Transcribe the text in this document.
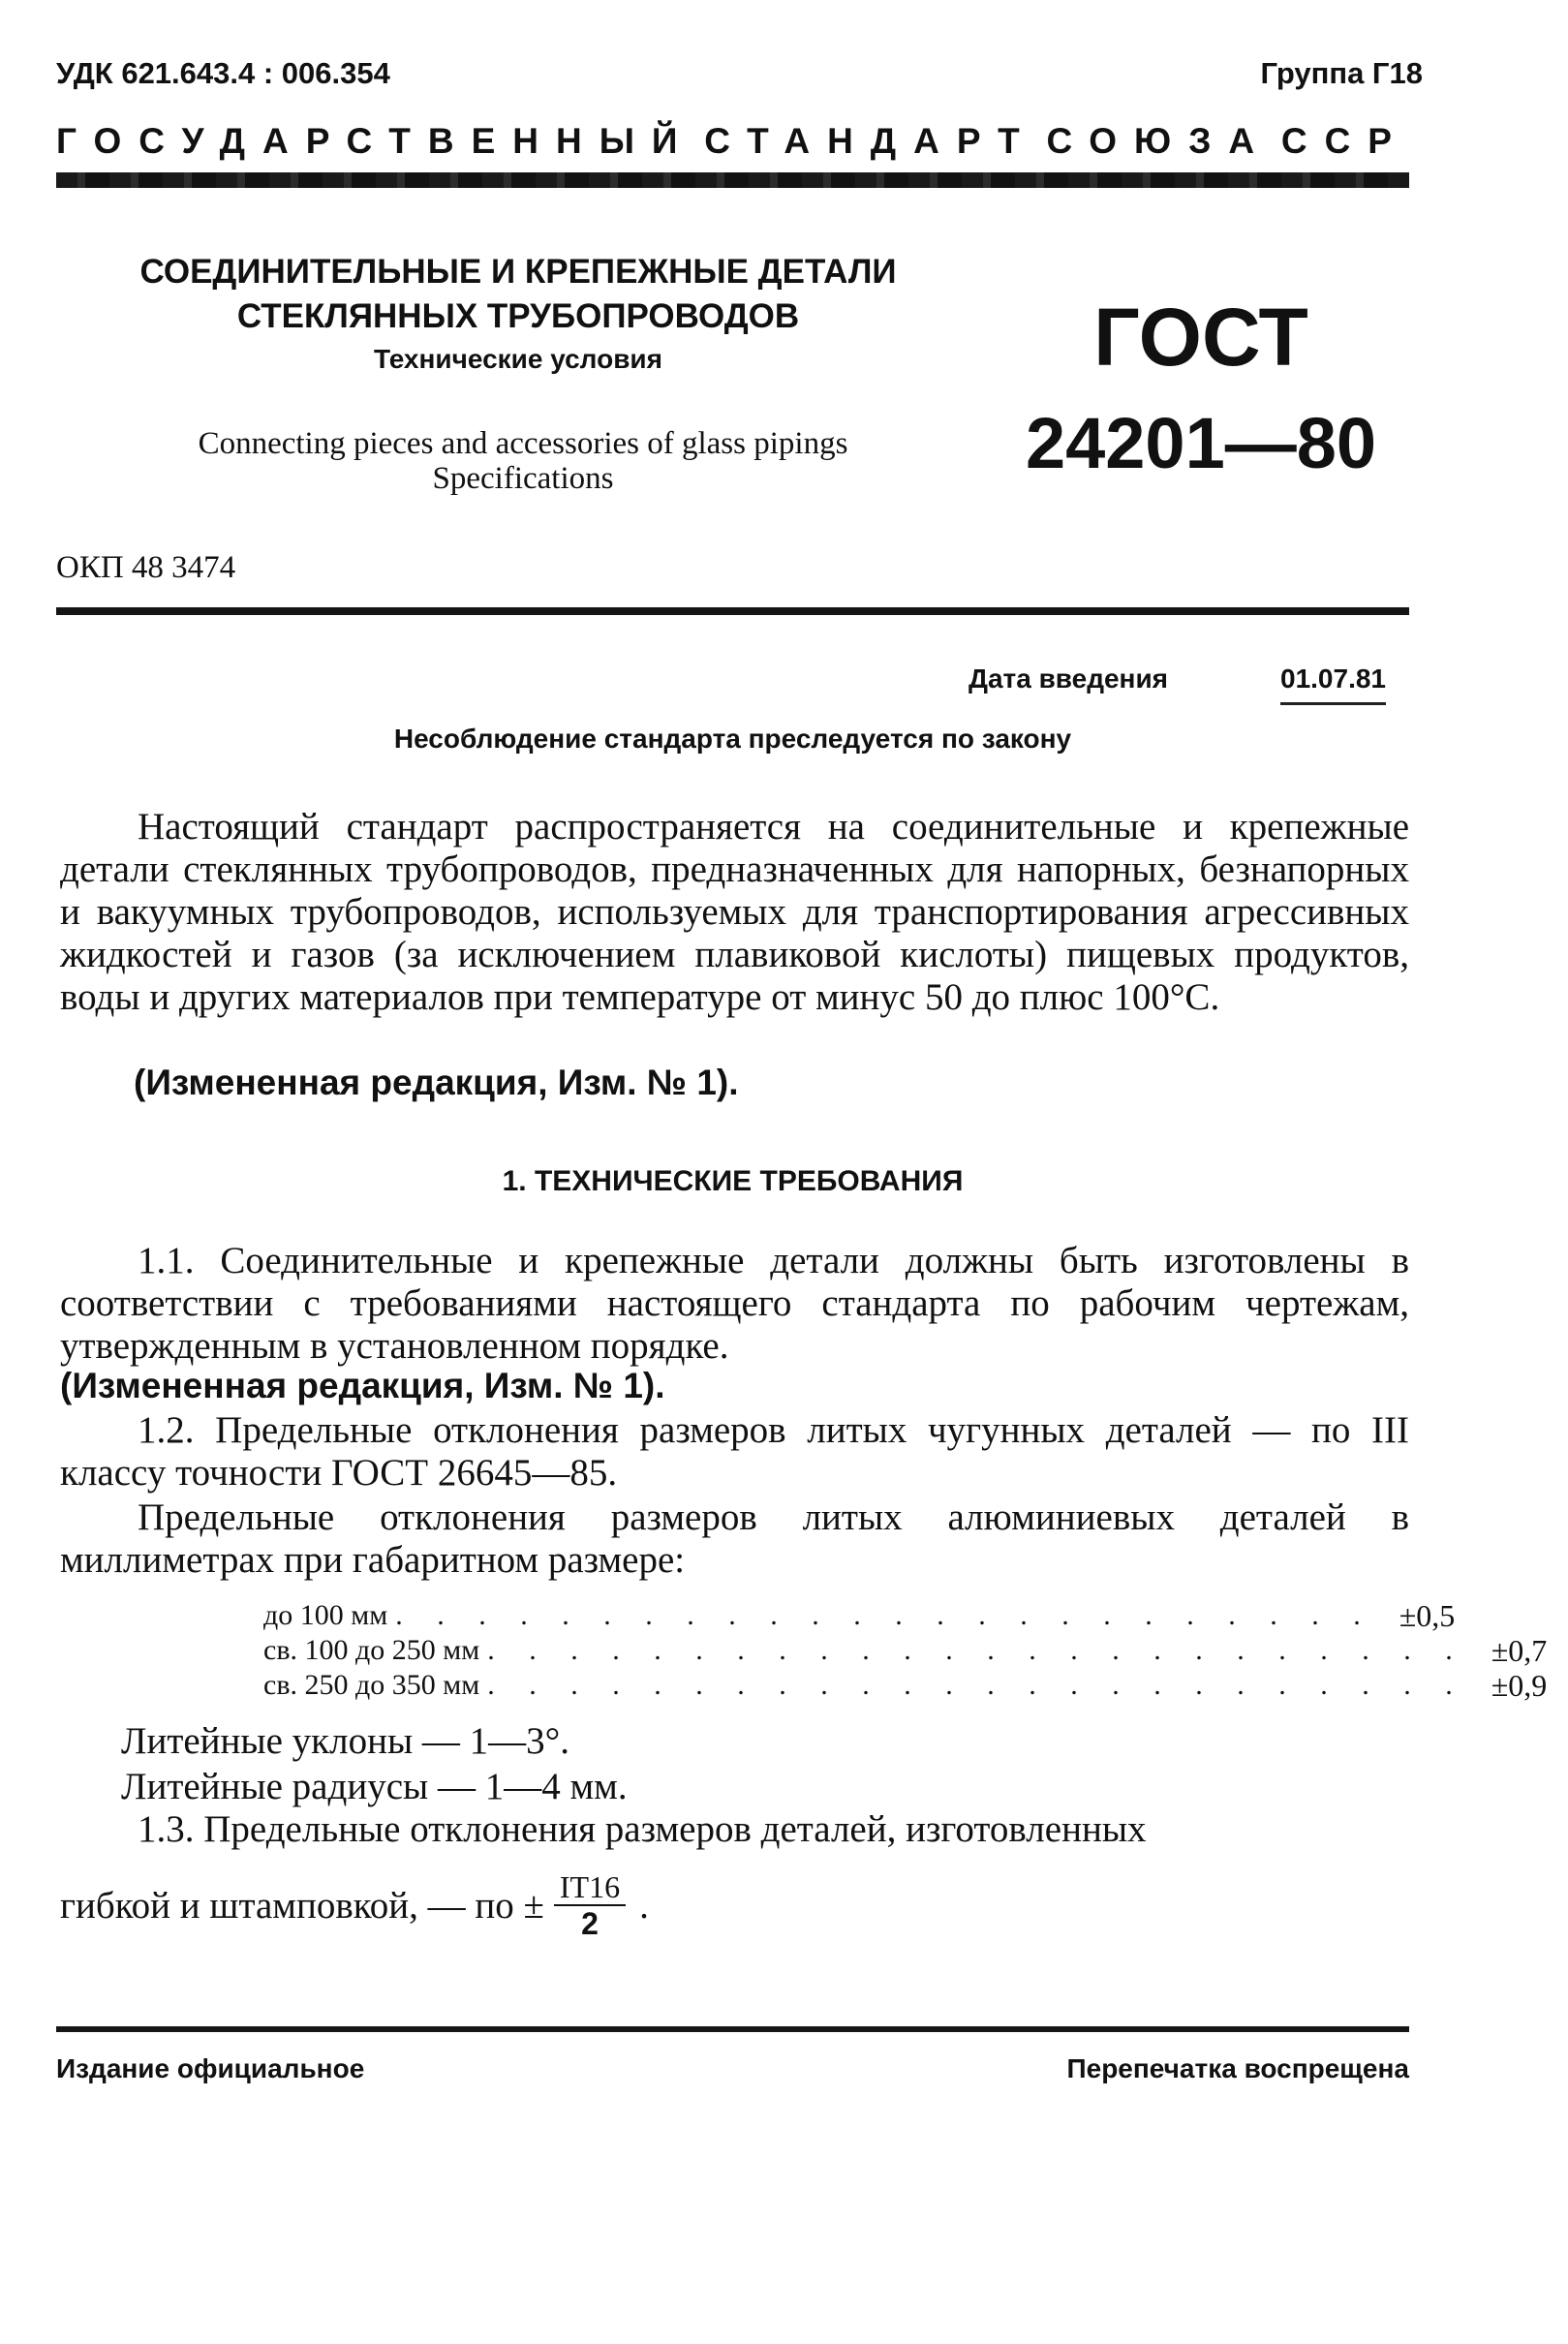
УДК 621.643.4 : 006.354	Группа Г18
ГОСУДАРСТВЕННЫЙ СТАНДАРТ СОЮЗА ССР
СОЕДИНИТЕЛЬНЫЕ И КРЕПЕЖНЫЕ ДЕТАЛИ
СТЕКЛЯННЫХ ТРУБОПРОВОДОВ
Технические условия
Connecting pieces and accessories of glass pipings
Specifications
ГОСТ
24201—80
ОКП 48 3474
Дата введения	01.07.81
Несоблюдение стандарта преследуется по закону
Настоящий стандарт распространяется на соединительные и крепежные детали стеклянных трубопроводов, предназначенных для напорных, безнапорных и вакуумных трубопроводов, используемых для транспортирования агрессивных жидкостей и газов (за исключением плавиковой кислоты) пищевых продуктов, воды и других материалов при температуре от минус 50 до плюс 100°С.
(Измененная редакция, Изм. № 1).
1. ТЕХНИЧЕСКИЕ ТРЕБОВАНИЯ
1.1. Соединительные и крепежные детали должны быть изготовлены в соответствии с требованиями настоящего стандарта по рабочим чертежам, утвержденным в установленном порядке.
(Измененная редакция, Изм. № 1).
1.2. Предельные отклонения размеров литых чугунных деталей — по III классу точности ГОСТ 26645—85.
Предельные отклонения размеров литых алюминиевых деталей в миллиметрах при габаритном размере:
до 100 мм . . . . . . . . . . . . . . . . . . . . . . . . ±0,5
св. 100 до 250 мм . . . . . . . . . . . . . . . . . . . . . . . . ±0,7
св. 250 до 350 мм . . . . . . . . . . . . . . . . . . . . . . . . ±0,9
Литейные уклоны — 1—3°.
Литейные радиусы — 1—4 мм.
1.3. Предельные отклонения размеров деталей, изготовленных
гибкой и штамповкой, — по ± $\frac{IT16}{2}$ .
Издание официальное	Перепечатка воспрещена
